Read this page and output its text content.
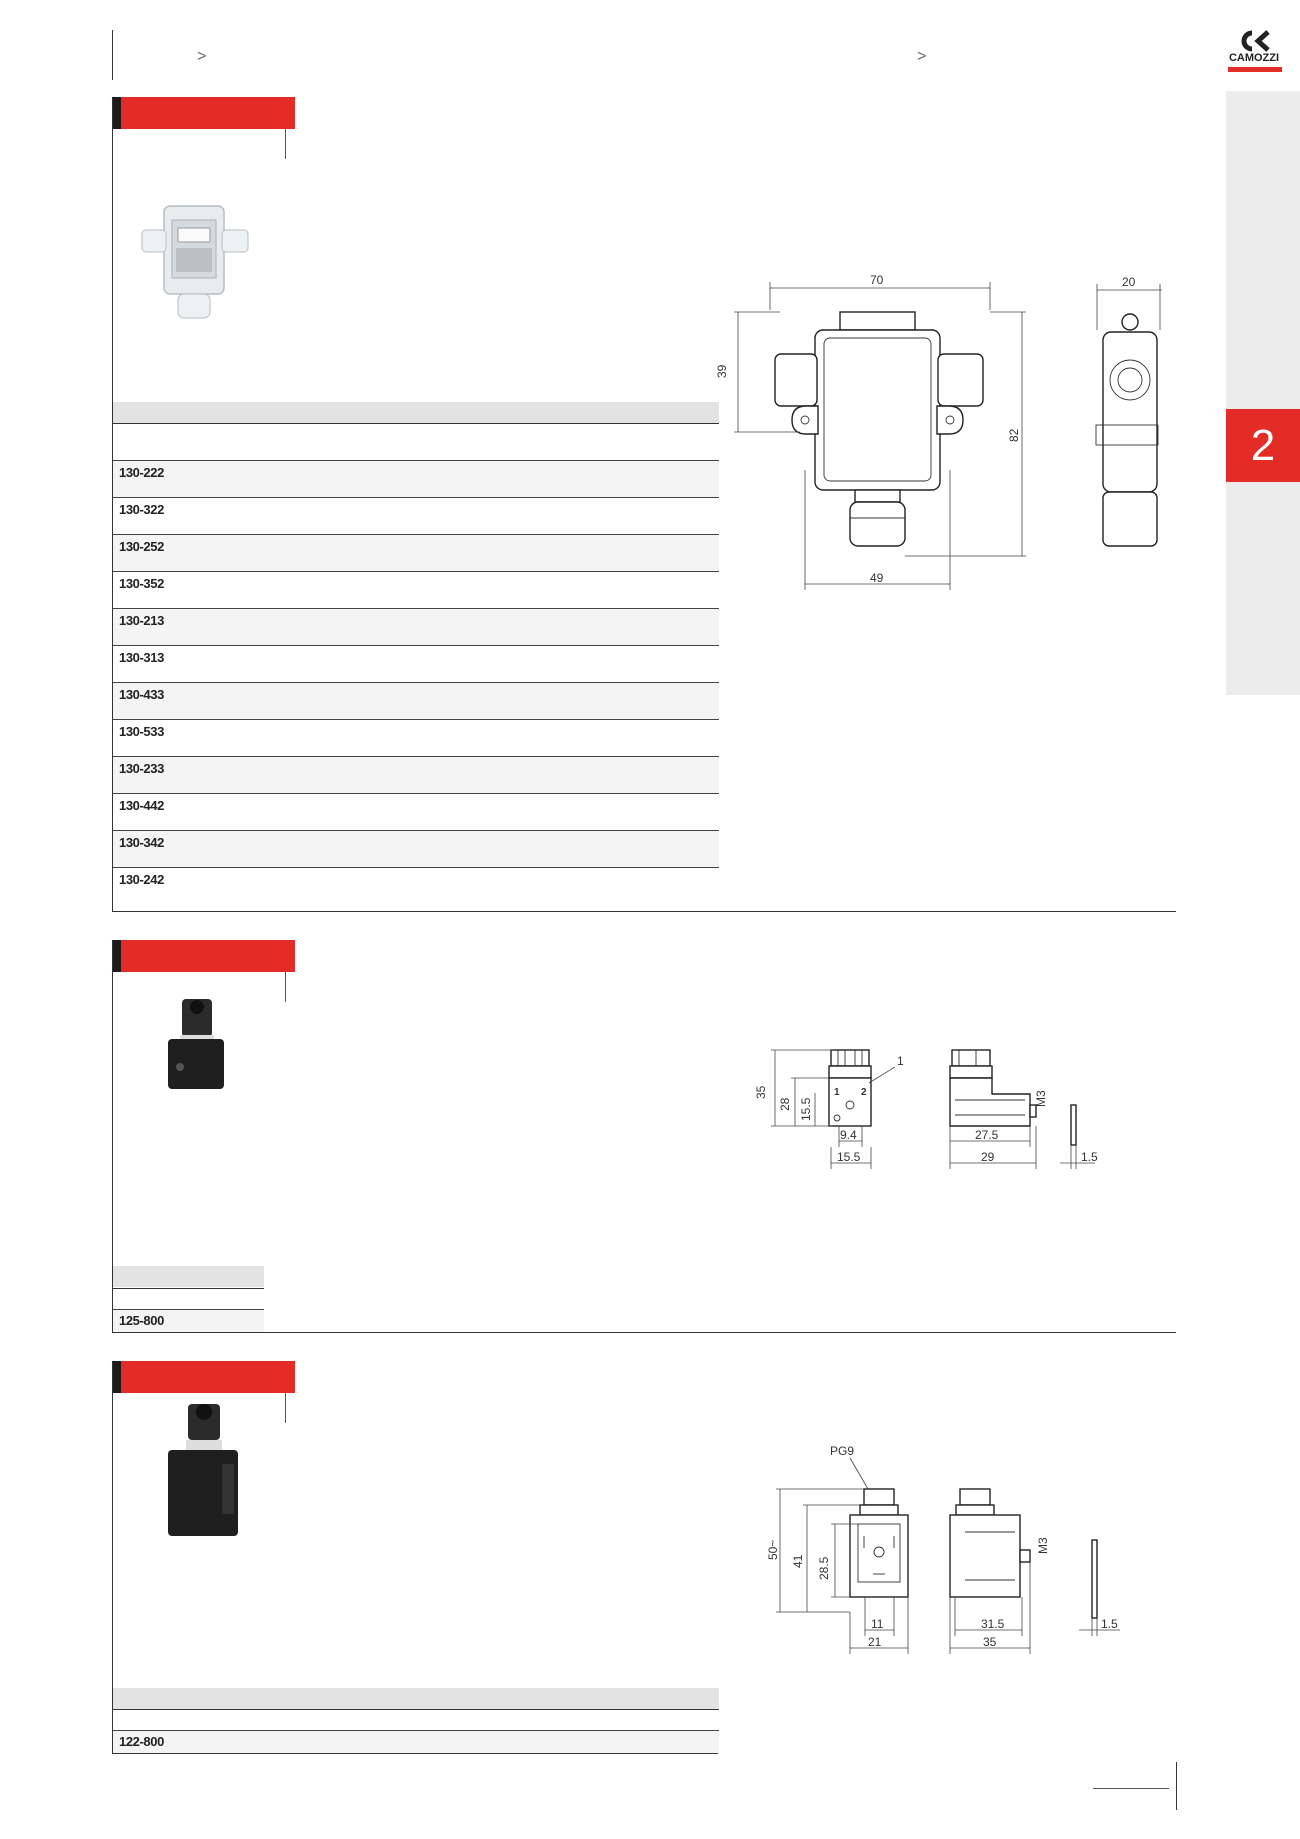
>	>	CAMOZZI
2
130-222
130-322
130-252
130-352
130-213
130-313
130-433
130-533
130-233
130-442
130-342
130-242
70
39
82
49
20
125-800
1 2
1
35
28 15.5
9.4
15.5
M3
27.5
29	1.5
122-800
PG9
50~
41 28.5
11
21
M3
31.5
35
1.5
